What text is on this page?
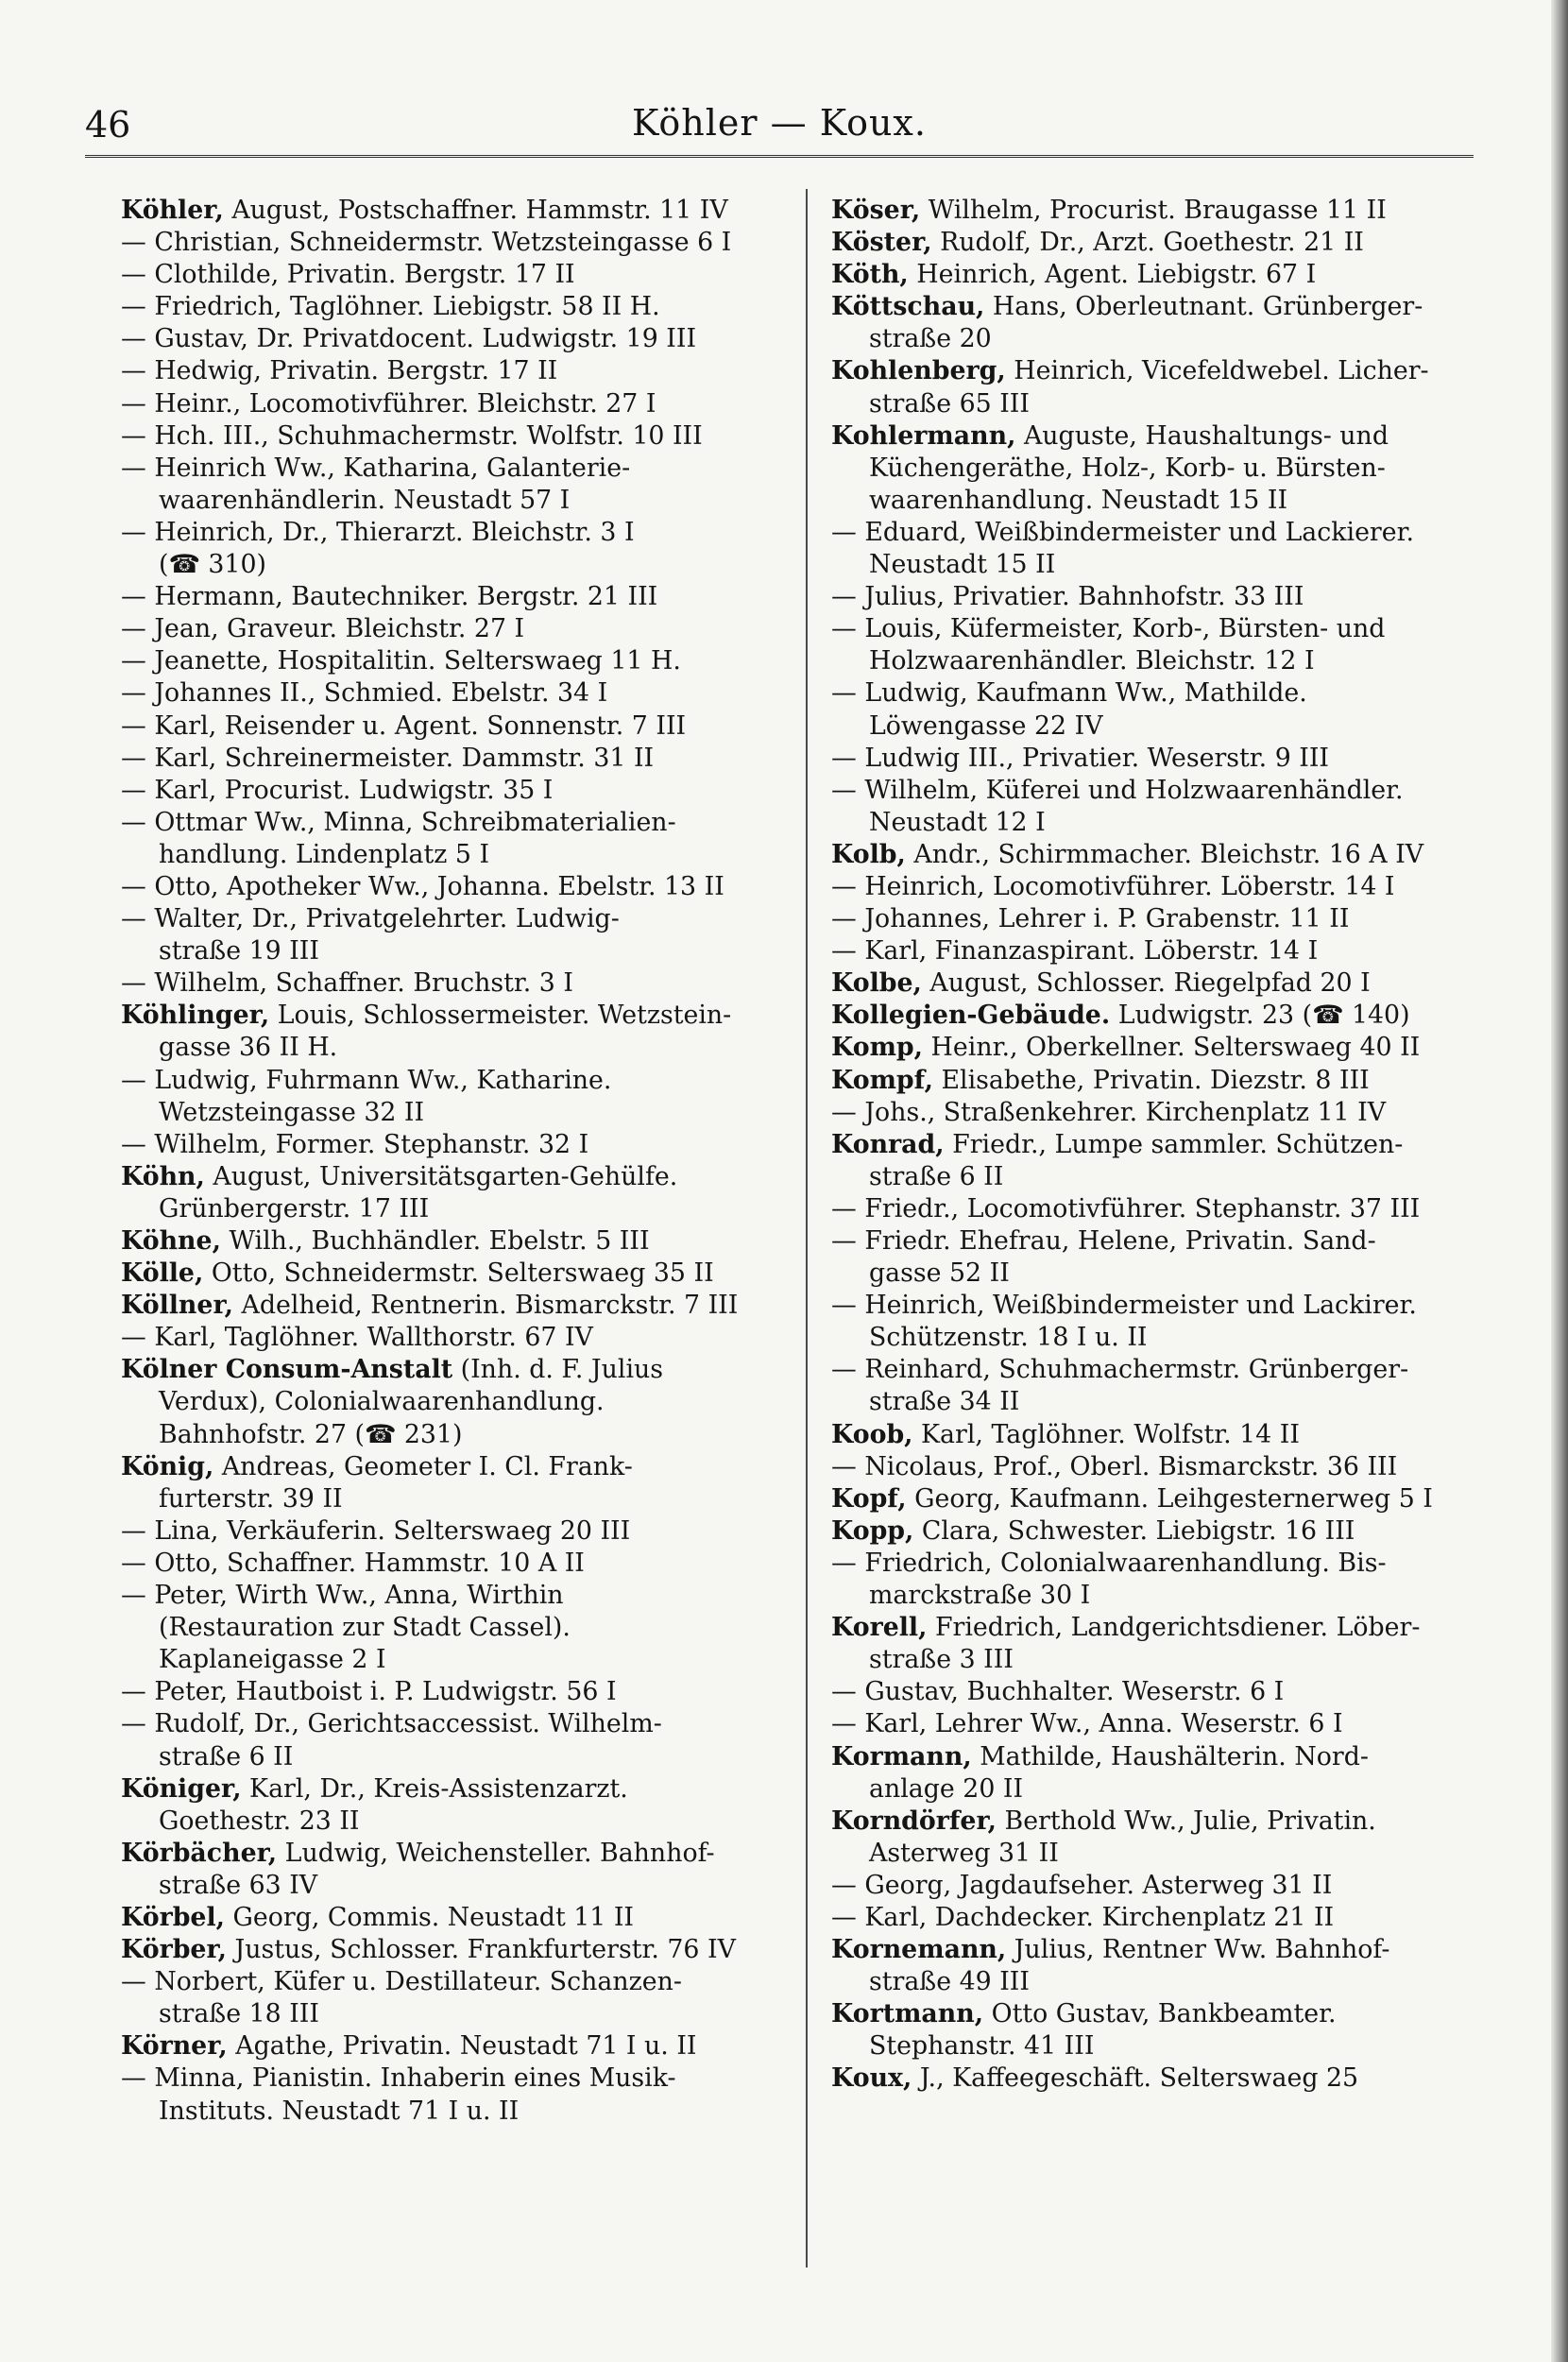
46	Köhler — Koux.
Köhler, August, Postschaffner. Hammstr. 11 IV
— Christian, Schneidermstr. Wetzsteingasse 6 I
— Clothilde, Privatin. Bergstr. 17 II
— Friedrich, Taglöhner. Liebigstr. 58 II H.
— Gustav, Dr. Privatdocent. Ludwigstr. 19 III
— Hedwig, Privatin. Bergstr. 17 II
— Heinr., Locomotivführer. Bleichstr. 27 I
— Hch. III., Schuhmachermstr. Wolfstr. 10 III
— Heinrich Ww., Katharina, Galanterie-
waarenhändlerin. Neustadt 57 I
— Heinrich, Dr., Thierarzt. Bleichstr. 3 I
(☎ 310)
— Hermann, Bautechniker. Bergstr. 21 III
— Jean, Graveur. Bleichstr. 27 I
— Jeanette, Hospitalitin. Selterswaeg 11 H.
— Johannes II., Schmied. Ebelstr. 34 I
— Karl, Reisender u. Agent. Sonnenstr. 7 III
— Karl, Schreinermeister. Dammstr. 31 II
— Karl, Procurist. Ludwigstr. 35 I
— Ottmar Ww., Minna, Schreibmaterialien-
handlung. Lindenplatz 5 I
— Otto, Apotheker Ww., Johanna. Ebelstr. 13 II
— Walter, Dr., Privatgelehrter. Ludwig-
straße 19 III
— Wilhelm, Schaffner. Bruchstr. 3 I
Köhlinger, Louis, Schlossermeister. Wetzstein-
gasse 36 II H.
— Ludwig, Fuhrmann Ww., Katharine.
Wetzsteingasse 32 II
— Wilhelm, Former. Stephanstr. 32 I
Köhn, August, Universitätsgarten-Gehülfe.
Grünbergerstr. 17 III
Köhne, Wilh., Buchhändler. Ebelstr. 5 III
Kölle, Otto, Schneidermstr. Selterswaeg 35 II
Köllner, Adelheid, Rentnerin. Bismarckstr. 7 III
— Karl, Taglöhner. Wallthorstr. 67 IV
Kölner Consum-Anstalt (Inh. d. F. Julius
Verdux), Colonialwaarenhandlung.
Bahnhofstr. 27 (☎ 231)
König, Andreas, Geometer I. Cl. Frank-
furterstr. 39 II
— Lina, Verkäuferin. Selterswaeg 20 III
— Otto, Schaffner. Hammstr. 10 A II
— Peter, Wirth Ww., Anna, Wirthin
(Restauration zur Stadt Cassel).
Kaplaneigasse 2 I
— Peter, Hautboist i. P. Ludwigstr. 56 I
— Rudolf, Dr., Gerichtsaccessist. Wilhelm-
straße 6 II
Königer, Karl, Dr., Kreis-Assistenzarzt.
Goethestr. 23 II
Körbächer, Ludwig, Weichensteller. Bahnhof-
straße 63 IV
Körbel, Georg, Commis. Neustadt 11 II
Körber, Justus, Schlosser. Frankfurterstr. 76 IV
— Norbert, Küfer u. Destillateur. Schanzen-
straße 18 III
Körner, Agathe, Privatin. Neustadt 71 I u. II
— Minna, Pianistin. Inhaberin eines Musik-
Instituts. Neustadt 71 I u. II
Köser, Wilhelm, Procurist. Braugasse 11 II
Köster, Rudolf, Dr., Arzt. Goethestr. 21 II
Köth, Heinrich, Agent. Liebigstr. 67 I
Köttschau, Hans, Oberleutnant. Grünberger-
straße 20
Kohlenberg, Heinrich, Vicefeldwebel. Licher-
straße 65 III
Kohlermann, Auguste, Haushaltungs- und
Küchengeräthe, Holz-, Korb- u. Bürsten-
waarenhandlung. Neustadt 15 II
— Eduard, Weißbindermeister und Lackierer.
Neustadt 15 II
— Julius, Privatier. Bahnhofstr. 33 III
— Louis, Küfermeister, Korb-, Bürsten- und
Holzwaarenhändler. Bleichstr. 12 I
— Ludwig, Kaufmann Ww., Mathilde.
Löwengasse 22 IV
— Ludwig III., Privatier. Weserstr. 9 III
— Wilhelm, Küferei und Holzwaarenhändler.
Neustadt 12 I
Kolb, Andr., Schirmmacher. Bleichstr. 16 A IV
— Heinrich, Locomotivführer. Löberstr. 14 I
— Johannes, Lehrer i. P. Grabenstr. 11 II
— Karl, Finanzaspirant. Löberstr. 14 I
Kolbe, August, Schlosser. Riegelpfad 20 I
Kollegien-Gebäude. Ludwigstr. 23 (☎ 140)
Komp, Heinr., Oberkellner. Selterswaeg 40 II
Kompf, Elisabethe, Privatin. Diezstr. 8 III
— Johs., Straßenkehrer. Kirchenplatz 11 IV
Konrad, Friedr., Lumpe sammler. Schützen-
straße 6 II
— Friedr., Locomotivführer. Stephanstr. 37 III
— Friedr. Ehefrau, Helene, Privatin. Sand-
gasse 52 II
— Heinrich, Weißbindermeister und Lackirer.
Schützenstr. 18 I u. II
— Reinhard, Schuhmachermstr. Grünberger-
straße 34 II
Koob, Karl, Taglöhner. Wolfstr. 14 II
— Nicolaus, Prof., Oberl. Bismarckstr. 36 III
Kopf, Georg, Kaufmann. Leihgesternerweg 5 I
Kopp, Clara, Schwester. Liebigstr. 16 III
— Friedrich, Colonialwaarenhandlung. Bis-
marckstraße 30 I
Korell, Friedrich, Landgerichtsdiener. Löber-
straße 3 III
— Gustav, Buchhalter. Weserstr. 6 I
— Karl, Lehrer Ww., Anna. Weserstr. 6 I
Kormann, Mathilde, Haushälterin. Nord-
anlage 20 II
Korndörfer, Berthold Ww., Julie, Privatin.
Asterweg 31 II
— Georg, Jagdaufseher. Asterweg 31 II
— Karl, Dachdecker. Kirchenplatz 21 II
Kornemann, Julius, Rentner Ww. Bahnhof-
straße 49 III
Kortmann, Otto Gustav, Bankbeamter.
Stephanstr. 41 III
Koux, J., Kaffeegeschäft. Selterswaeg 25
